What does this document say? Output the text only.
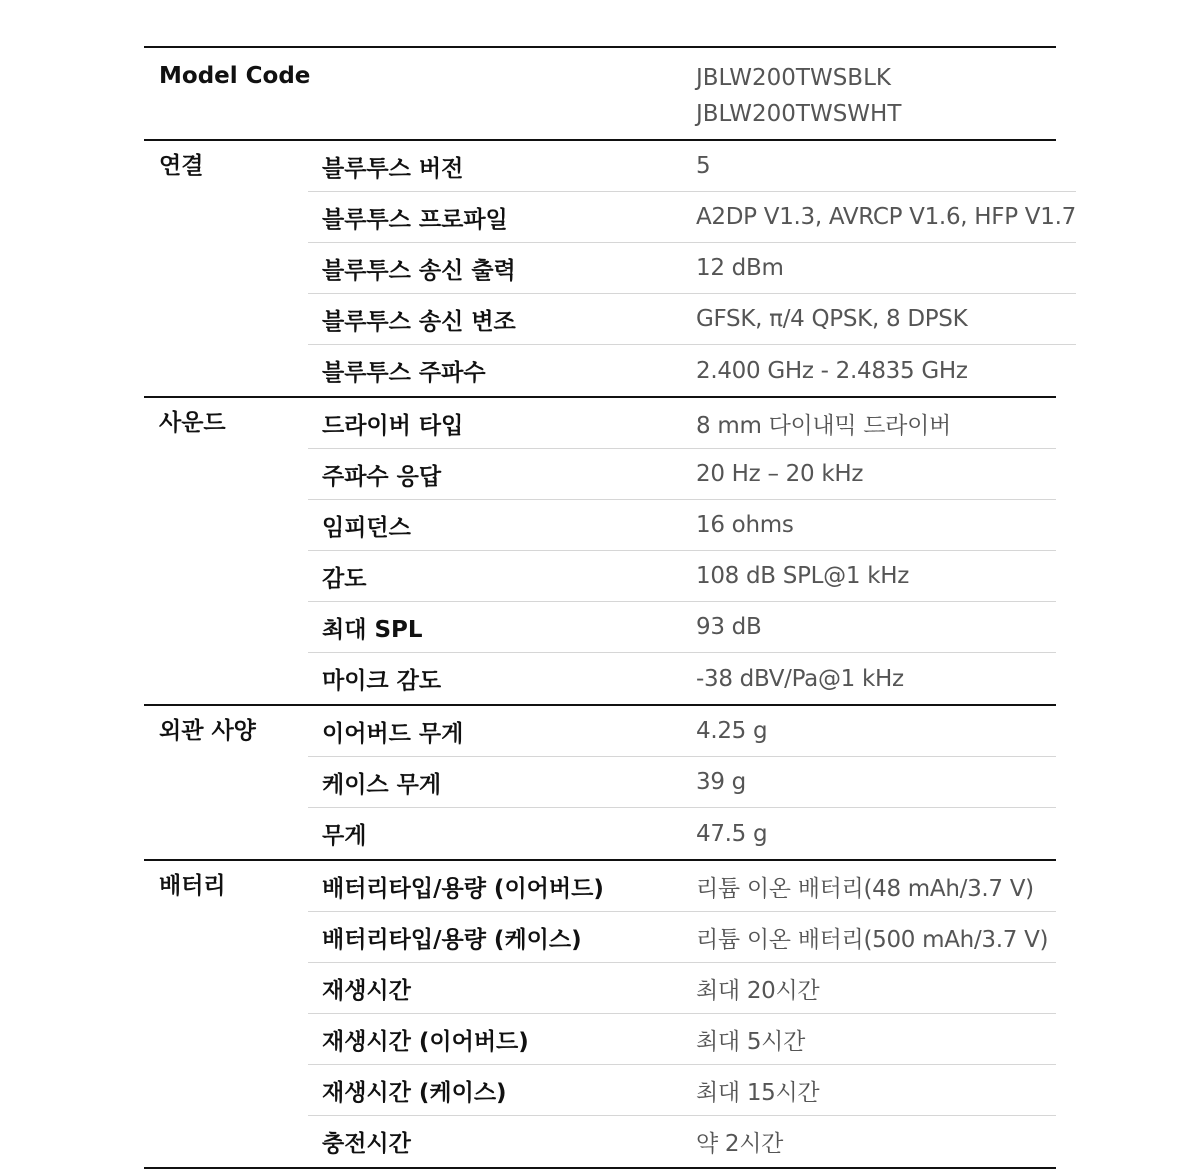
Model Code	JBLW200TWSBLK
JBLW200TWSWHT
연결	블루투스 버전	5
블루투스 프로파일	A2DP V1.3, AVRCP V1.6, HFP V1.7
블루투스 송신 출력	12 dBm
블루투스 송신 변조	GFSK, π/4 QPSK, 8 DPSK
블루투스 주파수	2.400 GHz - 2.4835 GHz
사운드	드라이버 타입	8 mm 다이내믹 드라이버
주파수 응답	20 Hz – 20 kHz
임피던스	16 ohms
감도	108 dB SPL@1 kHz
최대 SPL	93 dB
마이크 감도	-38 dBV/Pa@1 kHz
외관 사양	이어버드 무게	4.25 g
케이스 무게	39 g
무게	47.5 g
배터리	배터리타입/용량 (이어버드)	리튬 이온 배터리(48 mAh/3.7 V)
배터리타입/용량 (케이스)	리튬 이온 배터리(500 mAh/3.7 V)
재생시간	최대 20시간
재생시간 (이어버드)	최대 5시간
재생시간 (케이스)	최대 15시간
충전시간	약 2시간
